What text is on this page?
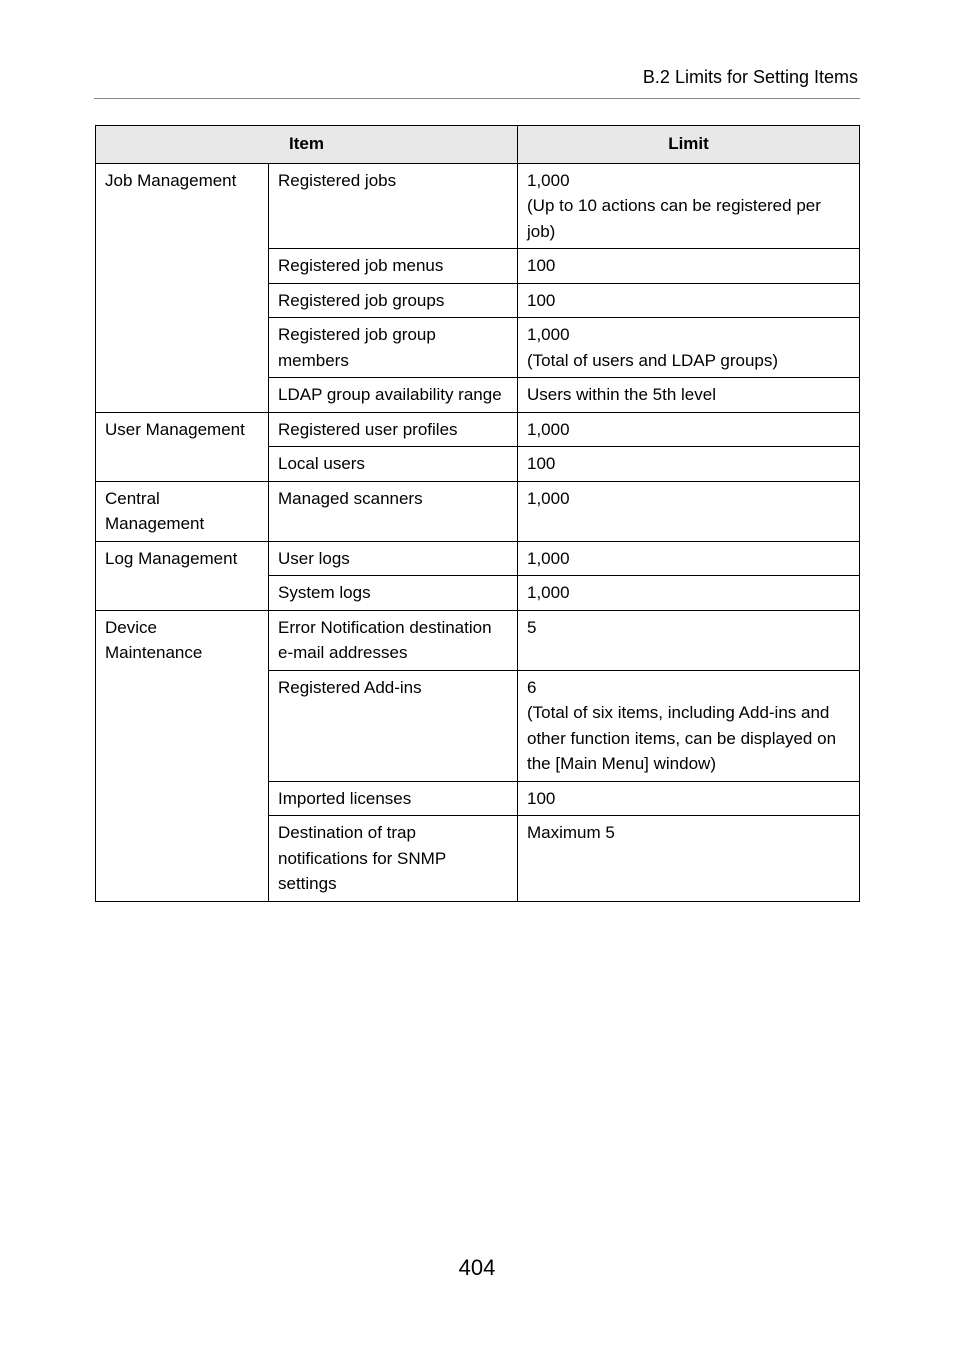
B.2 Limits for Setting Items
Item		Limit
Job Management	Registered jobs	1,000
(Up to 10 actions can be registered per job)

	Registered job menus	100

	Registered job groups	100

	Registered job group members	1,000
(Total of users and LDAP groups)

	LDAP group availability range	Users within the 5th level

User Management	Registered user profiles	1,000

	Local users	100

Central Management	Managed scanners	1,000

Log Management	User logs	1,000

	System logs	1,000

Device Maintenance	Error Notification destination e-mail addresses	5

	Registered Add-ins	6
(Total of six items, including Add-ins and other function items, can be displayed on the [Main Menu] window)

	Imported licenses	100

	Destination of trap notifications for SNMP settings	Maximum 5
404
